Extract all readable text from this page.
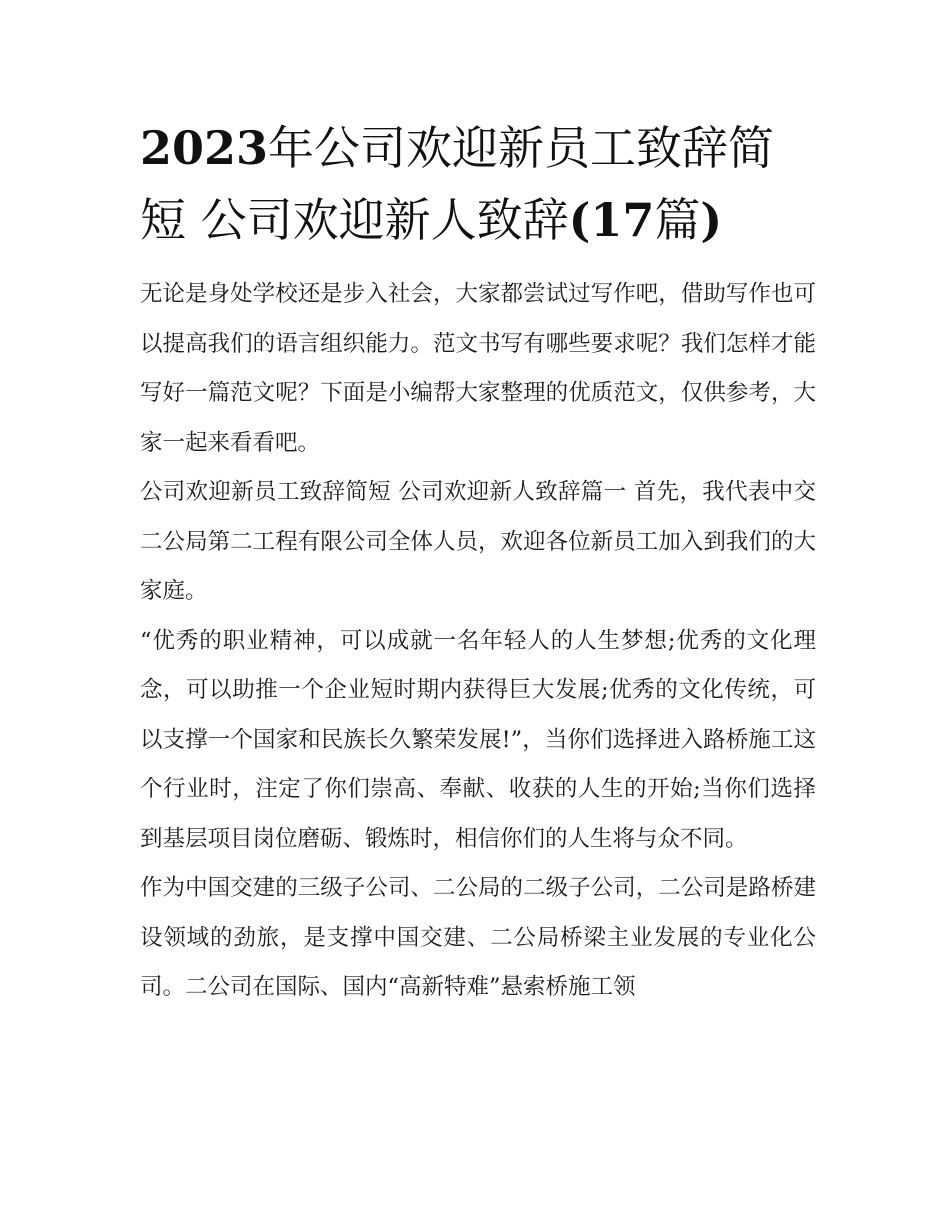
2023年公司欢迎新员工致辞简短 公司欢迎新人致辞(17篇)

无论是身处学校还是步入社会，大家都尝试过写作吧，借助写作也可以提高我们的语言组织能力。范文书写有哪些要求呢？我们怎样才能写好一篇范文呢？下面是小编帮大家整理的优质范文，仅供参考，大家一起来看看吧。

公司欢迎新员工致辞简短 公司欢迎新人致辞篇一 首先，我代表中交二公局第二工程有限公司全体人员，欢迎各位新员工加入到我们的大家庭。

“优秀的职业精神，可以成就一名年轻人的人生梦想;优秀的文化理念，可以助推一个企业短时期内获得巨大发展;优秀的文化传统，可以支撑一个国家和民族长久繁荣发展!”，当你们选择进入路桥施工这个行业时，注定了你们崇高、奉献、收获的人生的开始;当你们选择到基层项目岗位磨砺、锻炼时，相信你们的人生将与众不同。

作为中国交建的三级子公司、二公局的二级子公司，二公司是路桥建设领域的劲旅，是支撑中国交建、二公局桥梁主业发展的专业化公司。二公司在国际、国内“高新特难”悬索桥施工领
